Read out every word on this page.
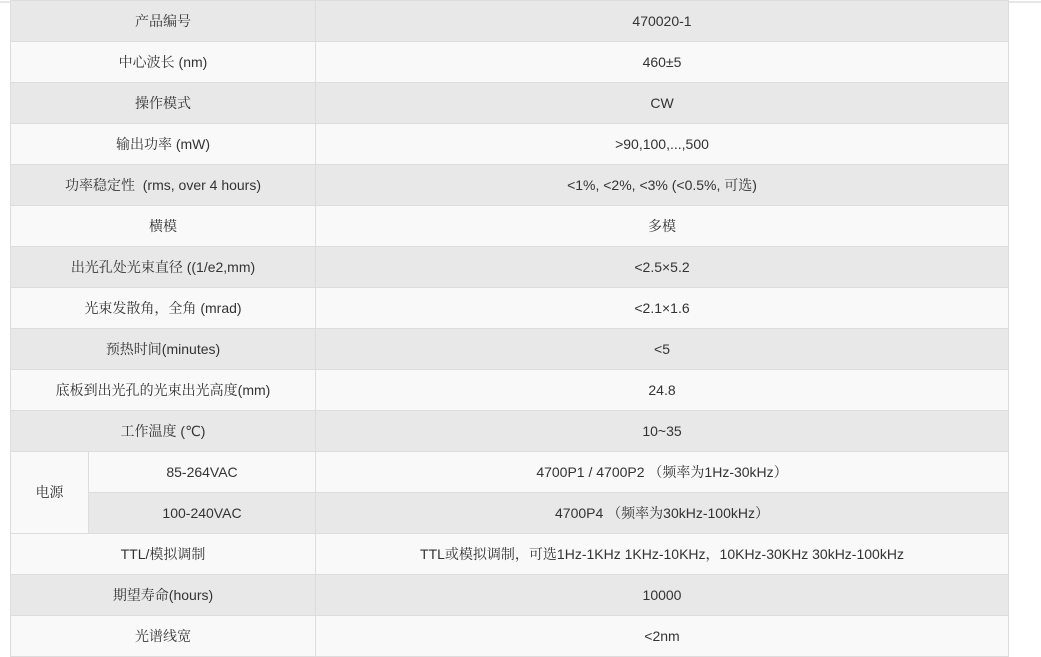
产品编号		470020-1
中心波长 (nm)		460±5
操作模式		CW
输出功率 (mW)		>90,100,...,500
功率稳定性  (rms, over 4 hours)		<1%, <2%, <3% (<0.5%, 可选)
横模		多模
出光孔处光束直径 ((1/e2,mm)		<2.5×5.2
光束发散角，全角 (mrad)		<2.1×1.6
预热时间(minutes)		<5
底板到出光孔的光束出光高度(mm)		24.8
工作温度 (℃)		10~35
电源	85-264VAC	4700P1 / 4700P2 （频率为1Hz-30kHz）
	100-240VAC	4700P4 （频率为30kHz-100kHz）
TTL/模拟调制		TTL或模拟调制，可选1Hz-1KHz 1KHz-10KHz，10KHz-30KHz 30kHz-100kHz
期望寿命(hours)		10000
光谱线宽		<2nm
